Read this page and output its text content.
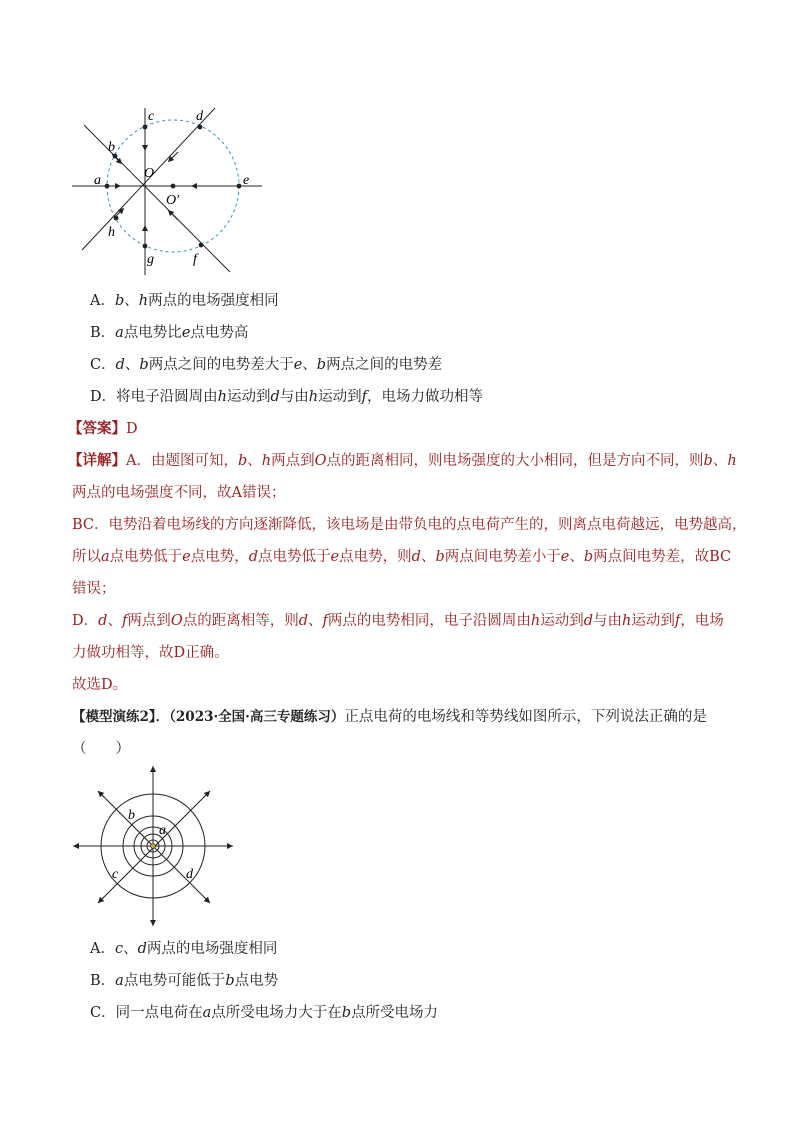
a
b
c	d
e
f
g
h
O
O′
A．b、h两点的电场强度相同
B．a点电势比e点电势高
C．d、b两点之间的电势差大于e、b两点之间的电势差
D．将电子沿圆周由h运动到d与由h运动到f，电场力做功相等
【答案】D
【详解】A．由题图可知，b、h两点到O点的距离相同，则电场强度的大小相同，但是方向不同，则b、h
两点的电场强度不同，故A错误；
BC．电势沿着电场线的方向逐渐降低，该电场是由带负电的点电荷产生的，则离点电荷越远，电势越高，
所以a点电势低于e点电势，d点电势低于e点电势，则d、b两点间电势差小于e、b两点间电势差，故BC
错误；
D．d、f两点到O点的距离相等，则d、f两点的电势相同，电子沿圆周由h运动到d与由h运动到f，电场
力做功相等，故D正确。
故选D。
【模型演练2】．（2023·全国·高三专题练习）正点电荷的电场线和等势线如图所示，下列说法正确的是
（　　）
b
a
c	d
A．c、d两点的电场强度相同
B．a点电势可能低于b点电势
C．同一点电荷在a点所受电场力大于在b点所受电场力
